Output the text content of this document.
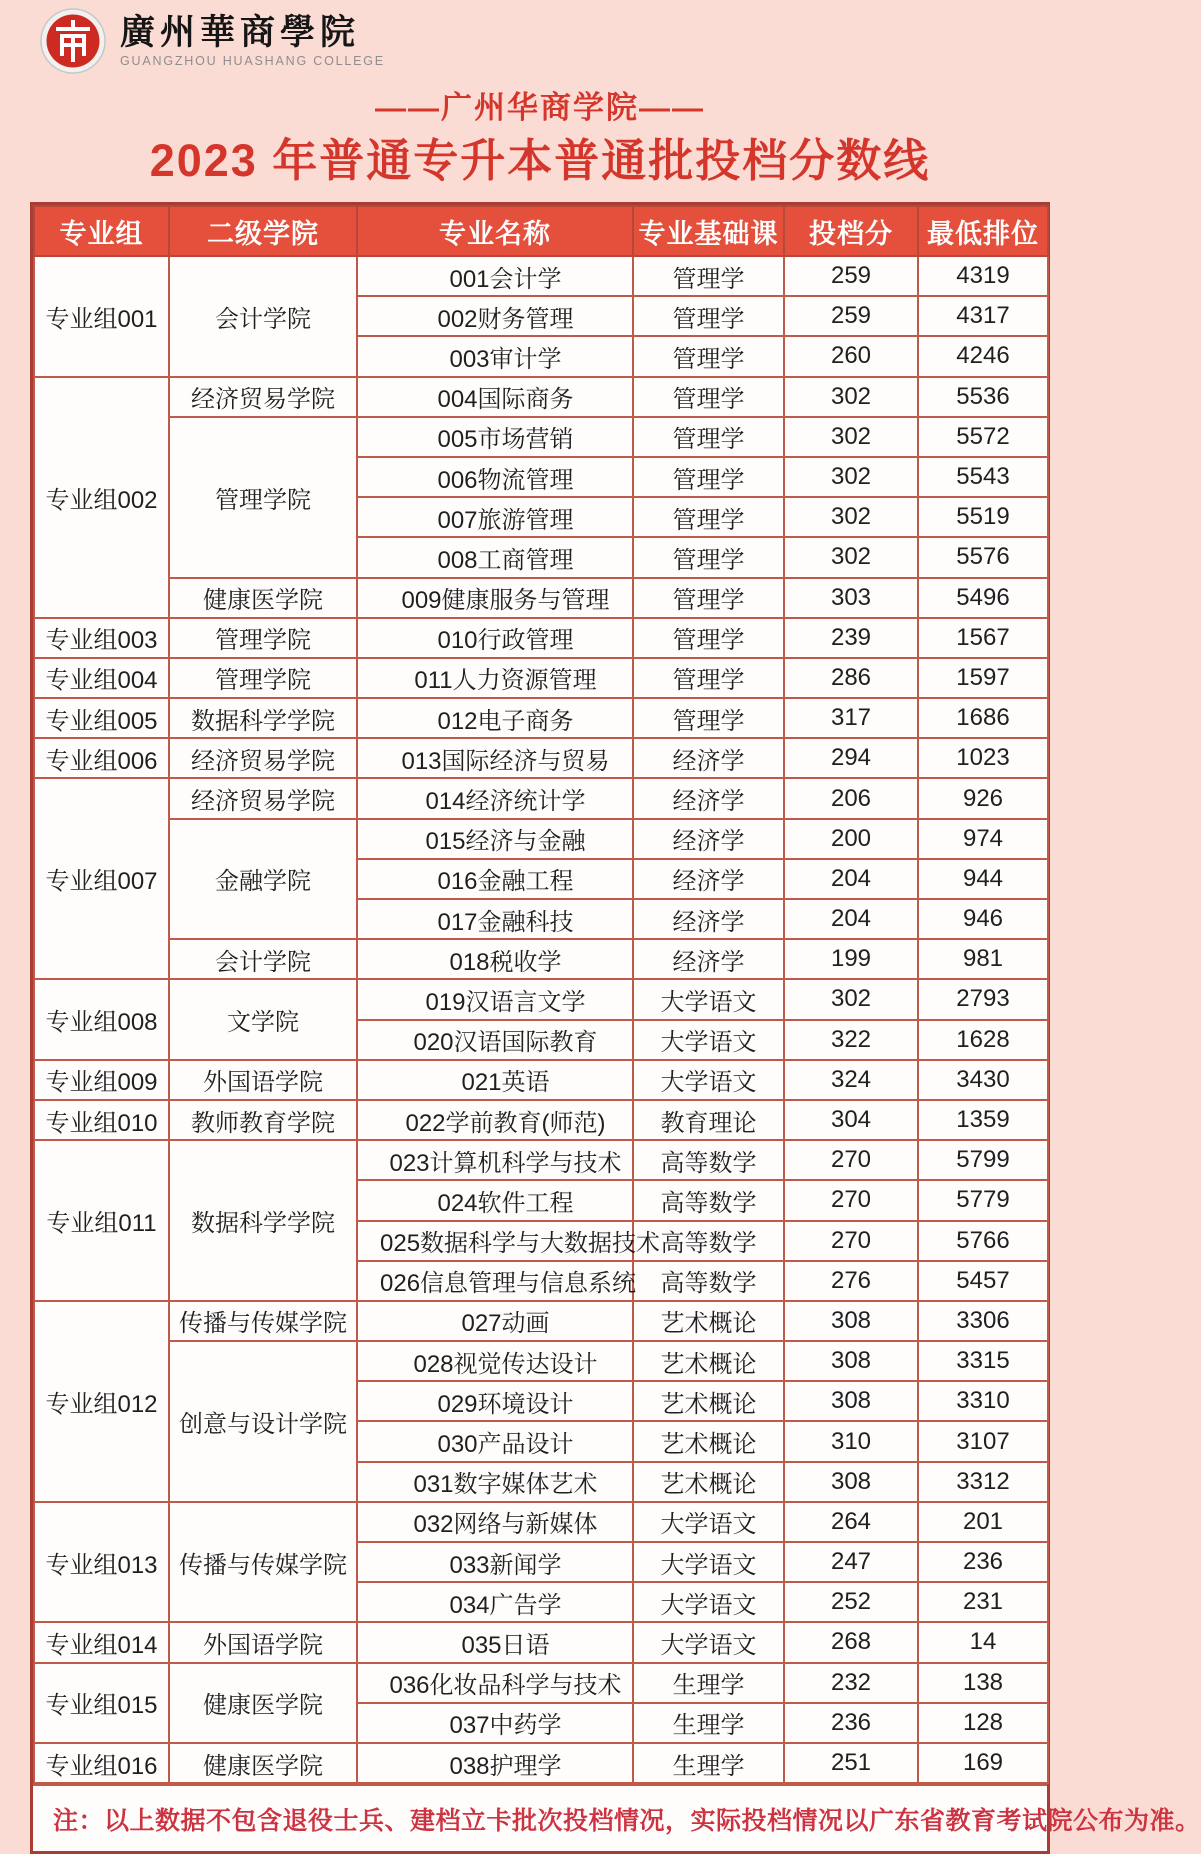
廣州華商學院
GUANGZHOU HUASHANG COLLEGE
——广州华商学院——
2023 年普通专升本普通批投档分数线
专业组	二级学院	专业名称	专业基础课	投档分	最低排位
专业组001	会计学院	001会计学	管理学	259	4319
		002财务管理	管理学	259	4317
		003审计学	管理学	260	4246
专业组002	经济贸易学院	004国际商务	管理学	302	5536
	管理学院	005市场营销	管理学	302	5572
		006物流管理	管理学	302	5543
		007旅游管理	管理学	302	5519
		008工商管理	管理学	302	5576
	健康医学院	009健康服务与管理	管理学	303	5496
专业组003	管理学院	010行政管理	管理学	239	1567
专业组004	管理学院	011人力资源管理	管理学	286	1597
专业组005	数据科学学院	012电子商务	管理学	317	1686
专业组006	经济贸易学院	013国际经济与贸易	经济学	294	1023
专业组007	经济贸易学院	014经济统计学	经济学	206	926
	金融学院	015经济与金融	经济学	200	974
		016金融工程	经济学	204	944
		017金融科技	经济学	204	946
	会计学院	018税收学	经济学	199	981
专业组008	文学院	019汉语言文学	大学语文	302	2793
		020汉语国际教育	大学语文	322	1628
专业组009	外国语学院	021英语	大学语文	324	3430
专业组010	教师教育学院	022学前教育(师范)	教育理论	304	1359
专业组011	数据科学学院	023计算机科学与技术	高等数学	270	5799
		024软件工程	高等数学	270	5779
		025数据科学与大数据技术	高等数学	270	5766
		026信息管理与信息系统	高等数学	276	5457
专业组012	传播与传媒学院	027动画	艺术概论	308	3306
	创意与设计学院	028视觉传达设计	艺术概论	308	3315
		029环境设计	艺术概论	308	3310
		030产品设计	艺术概论	310	3107
		031数字媒体艺术	艺术概论	308	3312
专业组013	传播与传媒学院	032网络与新媒体	大学语文	264	201
		033新闻学	大学语文	247	236
		034广告学	大学语文	252	231
专业组014	外国语学院	035日语	大学语文	268	14
专业组015	健康医学院	036化妆品科学与技术	生理学	232	138
		037中药学	生理学	236	128
专业组016	健康医学院	038护理学	生理学	251	169
注：以上数据不包含退役士兵、建档立卡批次投档情况，实际投档情况以广东省教育考试院公布为准。
